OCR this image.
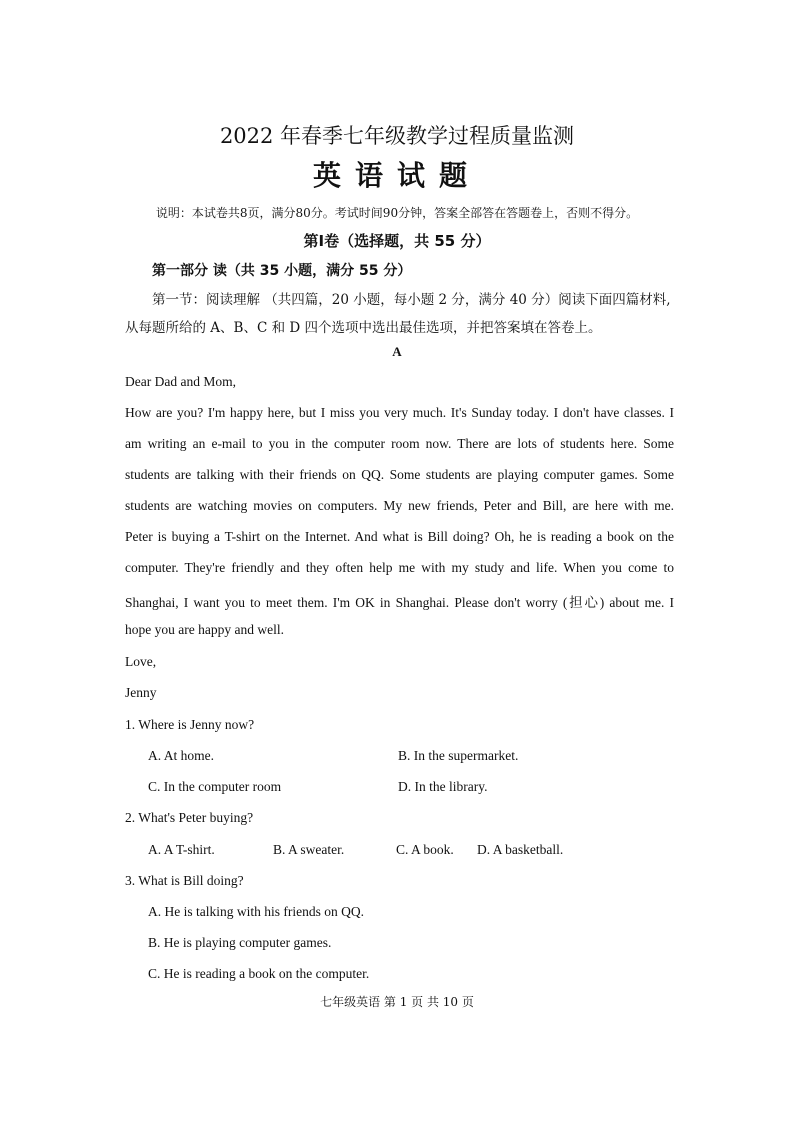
2022 年春季七年级教学过程质量监测
英语试题
说明：本试卷共8页，满分80分。考试时间90分钟，答案全部答在答题卷上，否则不得分。
第Ⅰ卷（选择题，共 55 分）
第一部分 读（共 35 小题，满分 55 分）
第一节：阅读理解 （共四篇，20 小题，每小题 2 分，满分 40 分）阅读下面四篇材料,
从每题所给的 A、B、C 和 D 四个选项中选出最佳选项，并把答案填在答卷上。
A
Dear Dad and Mom,
How are you? I'm happy here, but I miss you very much. It's Sunday today. I don't have classes. I
am writing an e-mail to you in the computer room now. There are lots of students here. Some
students are talking with their friends on QQ. Some students are playing computer games. Some
students are watching movies on computers. My new friends, Peter and Bill, are here with me.
Peter is buying a T-shirt on the Internet. And what is Bill doing? Oh, he is reading a book on the
computer. They're friendly and they often help me with my study and life. When you come to
Shanghai, I want you to meet them. I'm OK in Shanghai. Please don't worry (担心) about me. I
hope you are happy and well.
Love,
Jenny
1. Where is Jenny now?
A. At home.	B. In the supermarket.
C. In the computer room	D. In the library.
2. What's Peter buying?
A. A T-shirt.	B. A sweater.	C. A book. D. A basketball.
3. What is Bill doing?
A. He is talking with his friends on QQ.
B. He is playing computer games.
C. He is reading a book on the computer.
七年级英语 第 1 页 共 10 页
